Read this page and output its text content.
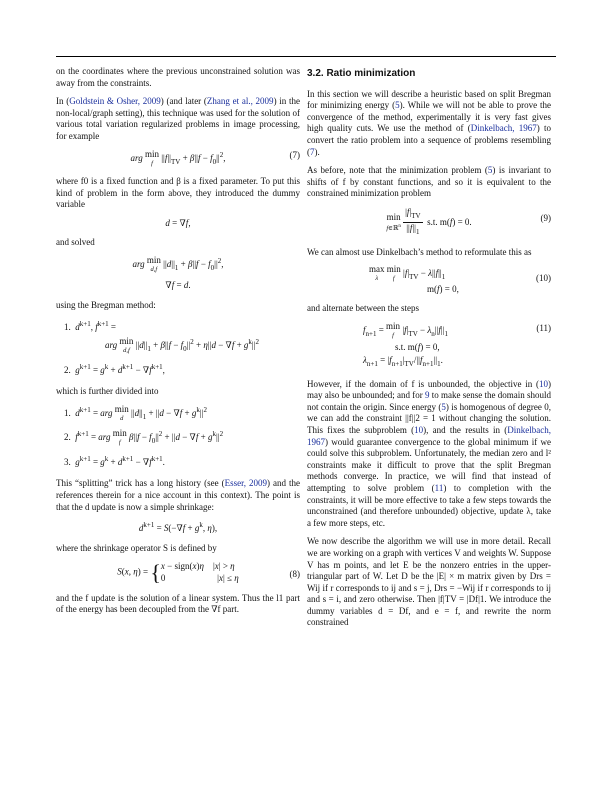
on the coordinates where the previous unconstrained solution was away from the constraints.

In (Goldstein & Osher, 2009) (and later (Zhang et al., 2009) in the non-local/graph setting), this technique was used for the solution of various total variation regularized problems in image processing, for example

arg min
f
$||f||_{TV} + \beta||f - f_0||^2$,	(7)

where f0 is a fixed function and β is a fixed parameter. To put this kind of problem in the form above, they introduced the dummy variable

d = ∇f,

and solved

arg min
d,f
$||d||_1 + \beta||f - f_0||^2$,
∇f = d.

using the Bregman method:

1.  $d^{k+1}$, $f^{k+1}$ =
arg min
d,f
$||d||_1 + \beta||f - f_0||^2 + \eta||d - \nabla f + g^k||^2$
2.  $g^{k+1} = g^k + d^{k+1} - \nabla f^{k+1}$,

which is further divided into

1.  $d^{k+1}$ = arg min
d
$||d||_1 + ||d - \nabla f + g^k||^2$
2.  $f^{k+1}$ = arg min
f
$\beta||f - f_0||^2 + ||d - \nabla f + g^k||^2$
3.  $g^{k+1} = g^k + d^{k+1} - \nabla f^{k+1}$.

This “splitting” trick has a long history (see (Esser, 2009) and the references therein for a nice account in this context). The point is that the d update is now a simple shrinkage:

$d^{k+1} = S(-\nabla f + g^k$, η),

where the shrinkage operator S is defined by

S(x, η) = {x − sign(x)η    |x| > η
0                       |x| ≤ η	(8)

and the f update is the solution of a linear system. Thus the l1 part of the energy has been decoupled from the ∇f part.

3.2. Ratio minimization

In this section we will describe a heuristic based on split Bregman for minimizing energy (5). While we will not be able to prove the convergence of the method, experimentally it is very fast gives high quality cuts. We use the method of (Dinkelbach, 1967) to convert the ratio problem into a sequence of problems resembling (7).

As before, note that the minimization problem (5) is invariant to shifts of f by constant functions, and so it is equivalent to the constrained minimization problem

min
f∈ℝ$^n$
$\frac{|f|_{TV}}{||f||_1} s.t$. m(f) = 0.	(9)

We can almost use Dinkelbach’s method to reformulate this as

max
λ
min
f
$|f|_{TV} - \lambda||f||_1$
m(f) = 0,
(10)

and alternate between the steps

$f_{n+1} = \min$
f
$|f|_{TV} - \lambda_n||f||_1$
s.t. m(f) = 0,
$\lambda_{n+1} = |f_{n+1}|_{TV}/||f_{n+1}||_1$.
(11)

However, if the domain of f is unbounded, the objective in (10) may also be unbounded; and for 9 to make sense the domain should not contain the origin. Since energy (5) is homogenous of degree 0, we can add the constraint ||f||2 = 1 without changing the solution. This fixes the subproblem (10), and the results in (Dinkelbach, 1967) would guarantee convergence to the global minimum if we could solve this subproblem. Unfortunately, the median zero and l² constraints make it difficult to prove that the split Bregman methods converge. In practice, we will find that instead of attempting to solve problem (11) to completion with the constraints, it will be more effective to take a few steps towards the unconstrained (and therefore unbounded) objective, update λ, take a few more steps, etc.

We now describe the algorithm we will use in more detail. Recall we are working on a graph with vertices V and weights W. Suppose V has m points, and let E be the nonzero entries in the upper-triangular part of W. Let D be the |E| × m matrix given by Drs = Wij if r corresponds to ij and s = j, Drs = −Wij if r corresponds to ij and s = i, and zero otherwise. Then |f|TV = |Df|1. We introduce the dummy variables d = Df, and e = f, and rewrite the norm constrained
